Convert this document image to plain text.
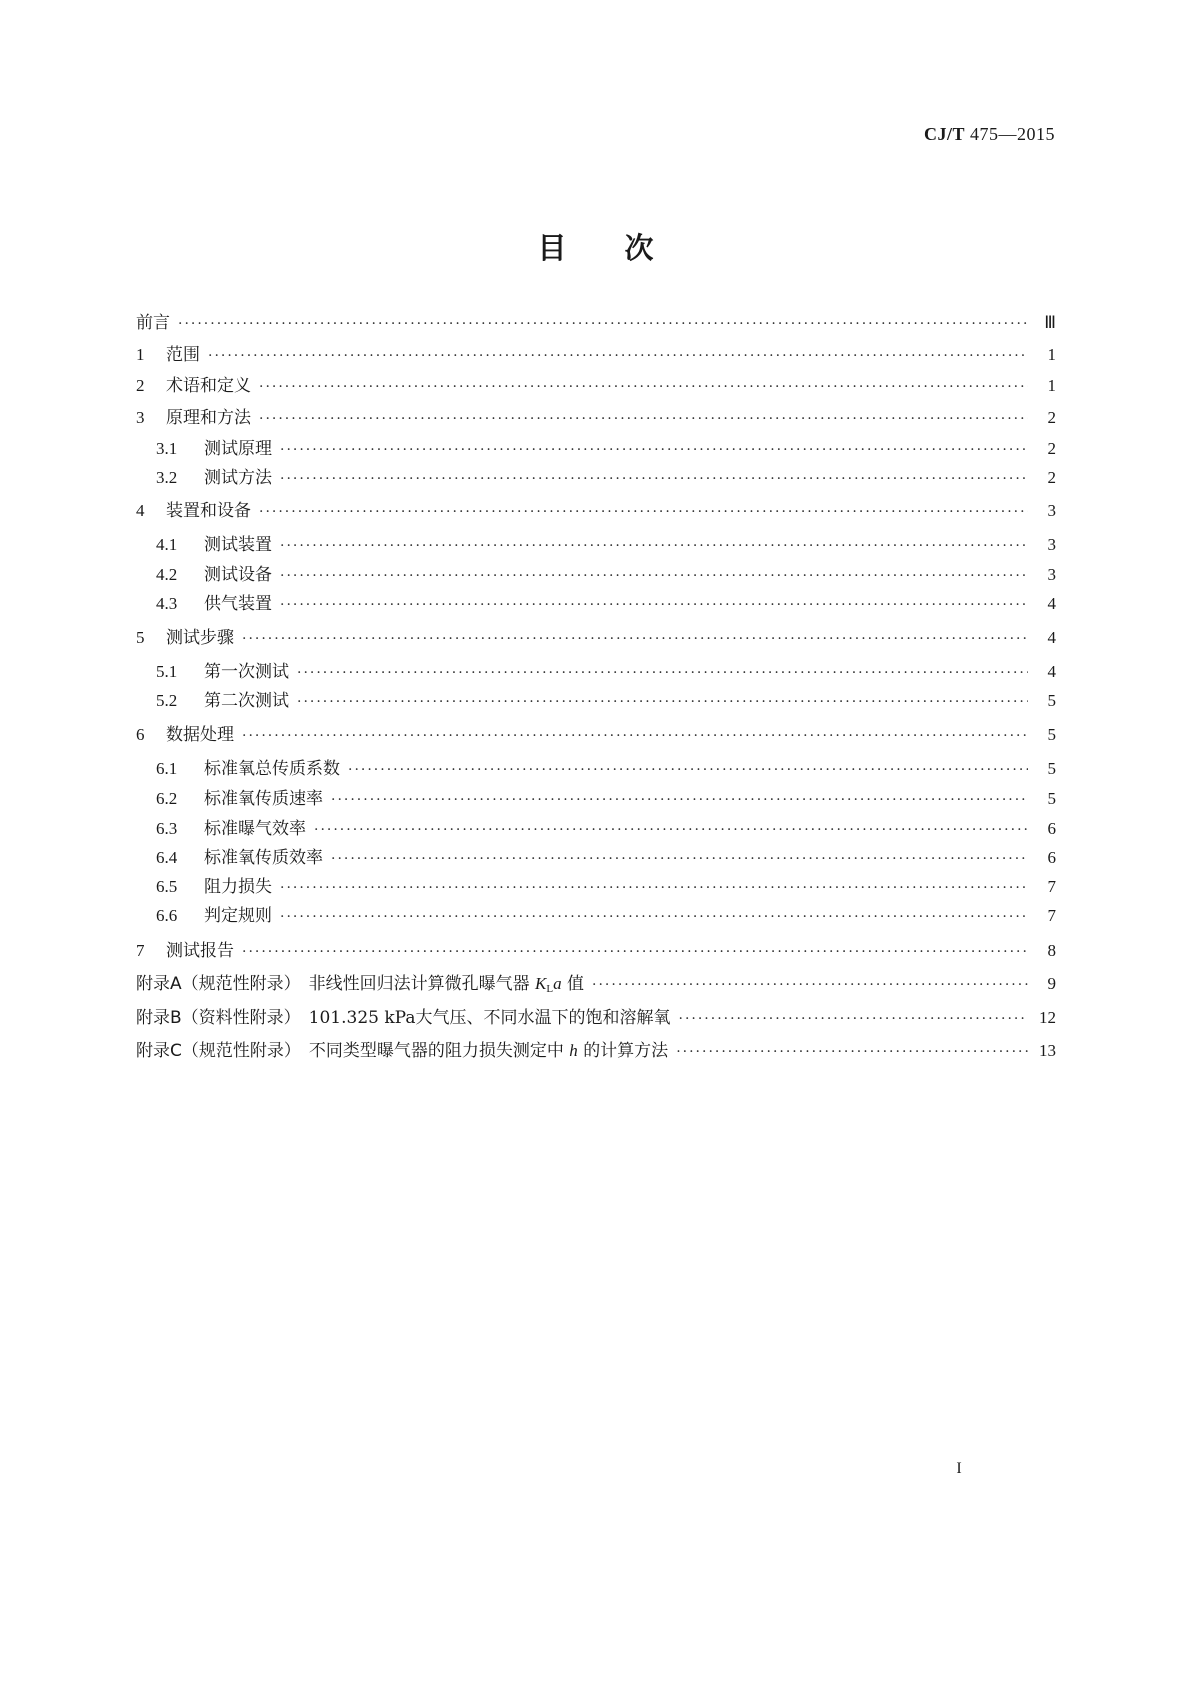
CJ/T 475—2015
目次
前言 ·····	Ⅲ
1	范围 ·····	1
2	术语和定义 ·····	1
3	原理和方法 ·····	2
3.1	测试原理 ·····	2
3.2	测试方法 ·····	2
4	装置和设备 ·····	3
4.1	测试装置 ·····	3
4.2	测试设备 ·····	3
4.3	供气装置 ·····	4
5	测试步骤 ·····	4
5.1	第一次测试 ·····	4
5.2	第二次测试 ·····	5
6	数据处理 ·····	5
6.1	标准氧总传质系数 ·····	5
6.2	标准氧传质速率 ·····	5
6.3	标准曝气效率 ·····	6
6.4	标准氧传质效率 ·····	6
6.5	阻力损失 ·····	7
6.6	判定规则 ·····	7
7	测试报告 ·····	8
附录A（规范性附录） 非线性回归法计算微孔曝气器 KLa 值 ·····	9
附录B（资料性附录） 101.325 kPa大气压、不同水温下的饱和溶解氧 ·····	12
附录C（规范性附录） 不同类型曝气器的阻力损失测定中 h 的计算方法 ·····	13
I
